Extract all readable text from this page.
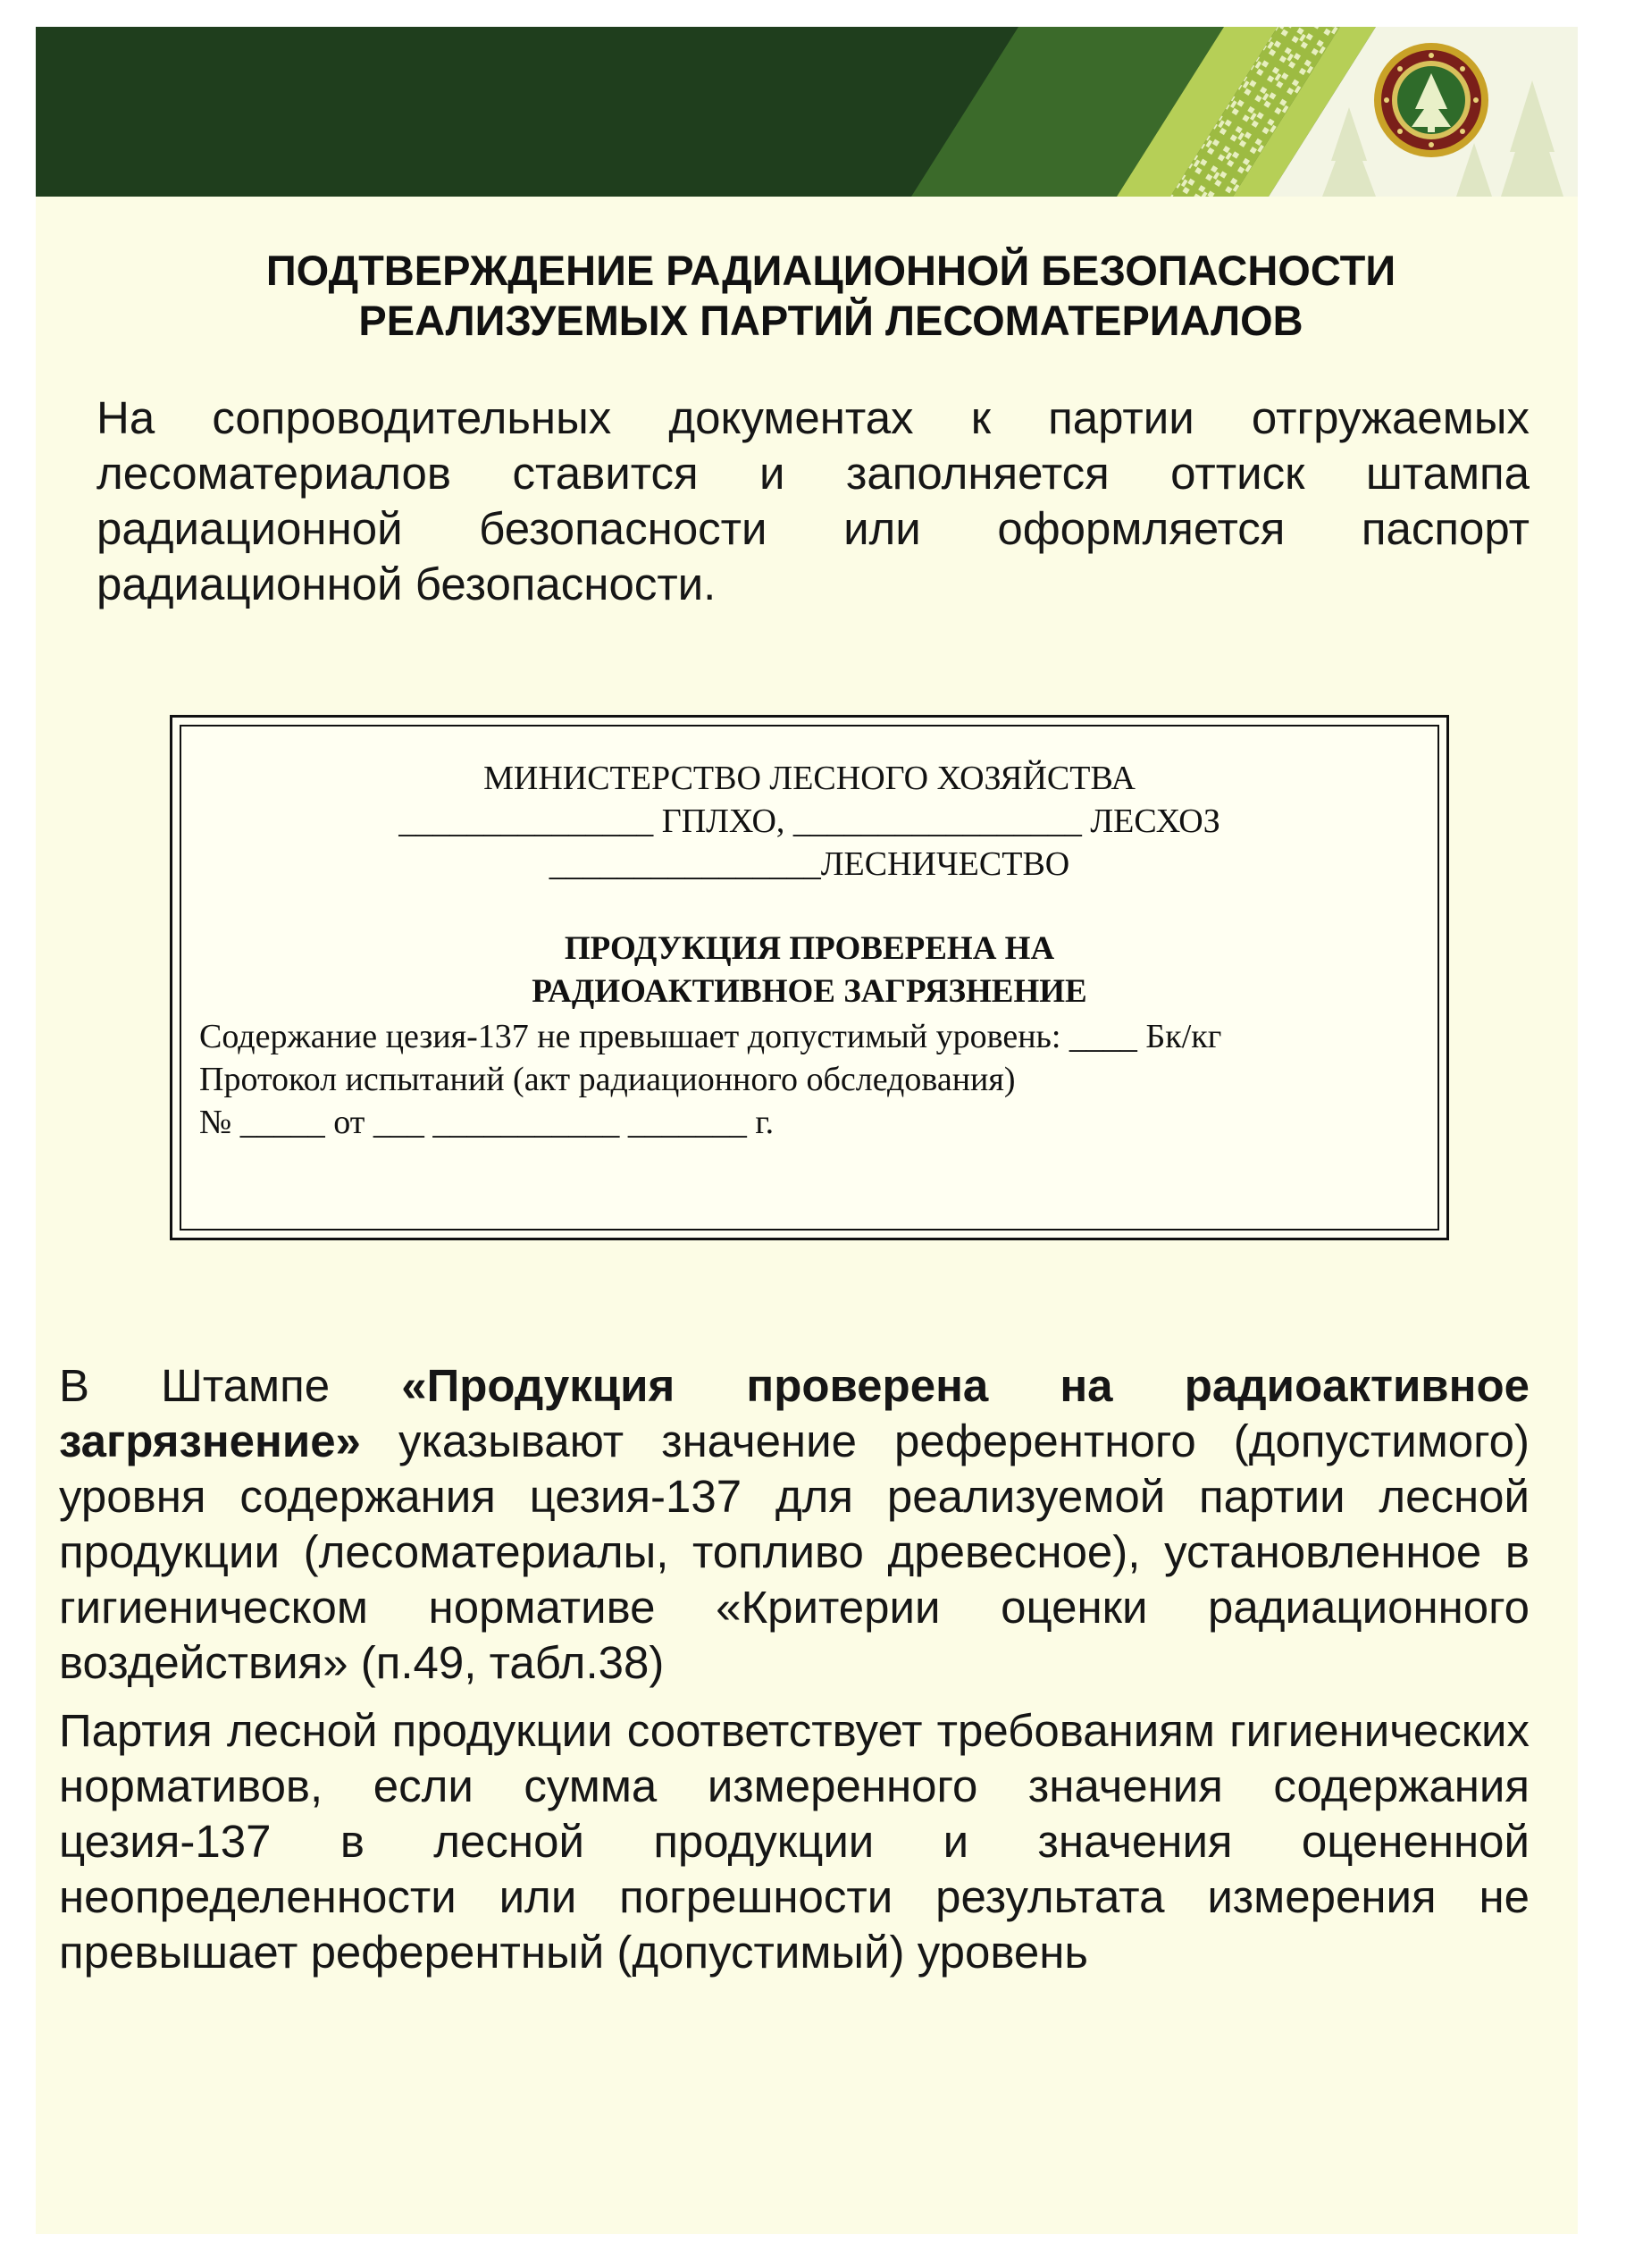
ПОДТВЕРЖДЕНИЕ РАДИАЦИОННОЙ БЕЗОПАСНОСТИ
РЕАЛИЗУЕМЫХ ПАРТИЙ ЛЕСОМАТЕРИАЛОВ
На сопроводительных документах к партии отгружаемых лесоматериалов ставится и заполняется оттиск штампа радиационной безопасности или оформляется паспорт радиационной безопасности.
МИНИСТЕРСТВО ЛЕСНОГО ХОЗЯЙСТВА
_______________ ГПЛХО, _________________ ЛЕСХОЗ
________________ЛЕСНИЧЕСТВО
ПРОДУКЦИЯ ПРОВЕРЕНА НА
РАДИОАКТИВНОЕ ЗАГРЯЗНЕНИЕ
Содержание цезия-137 не превышает допустимый уровень: ____ Бк/кг
Протокол испытаний (акт радиационного обследования)
№ _____ от ___ ___________ _______ г.
В Штампе «Продукция проверена на радиоактивное загрязнение» указывают значение референтного (допустимого) уровня содержания цезия-137 для реализуемой партии лесной продукции (лесоматериалы, топливо древесное), установленное в гигиеническом нормативе «Критерии оценки радиационного воздействия» (п.49, табл.38)
Партия лесной продукции соответствует требованиям гигиенических нормативов, если сумма измеренного значения содержания цезия-137 в лесной продукции и значения оцененной неопределенности или погрешности результата измерения не превышает референтный (допустимый) уровень
